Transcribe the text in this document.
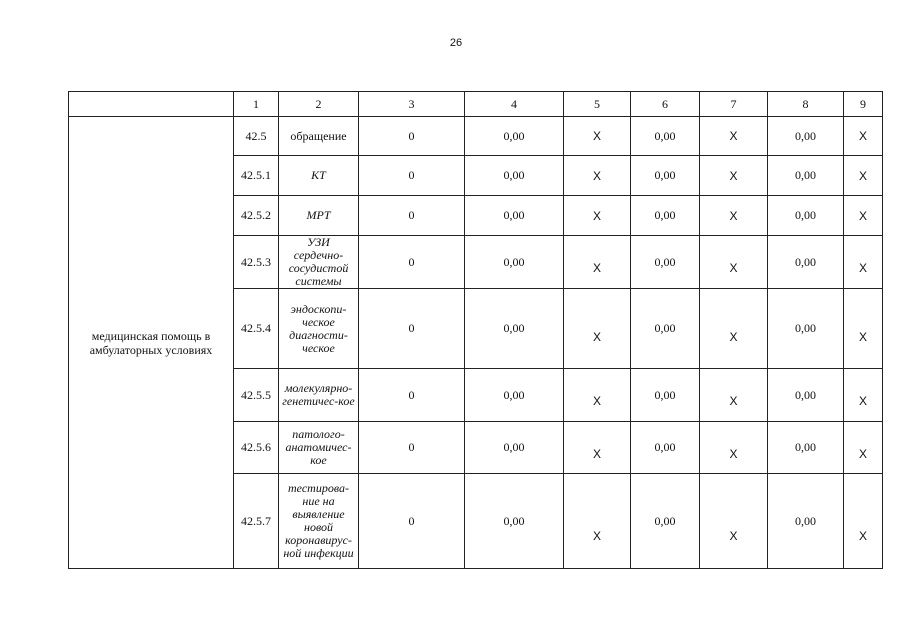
26
	1	2	3	4	5	6	7	8	9
медицинская помощь в амбулаторных условиях	42.5	обращение	0	0,00	X	0,00	X	0,00	X
	42.5.1	КТ	0	0,00	X	0,00	X	0,00	X
	42.5.2	МРТ	0	0,00	X	0,00	X	0,00	X
	42.5.3	УЗИ сердечно-сосудистой системы	0	0,00	X	0,00	X	0,00	X
	42.5.4	эндоскопи-ческое диагности-ческое	0	0,00	X	0,00	X	0,00	X
	42.5.5	молекулярно-генетичес-кое	0	0,00	X	0,00	X	0,00	X
	42.5.6	патолого-анатомичес-кое	0	0,00	X	0,00	X	0,00	X
	42.5.7	тестирова-ние на выявление новой коронавирус-ной инфекции	0	0,00	X	0,00	X	0,00	X
